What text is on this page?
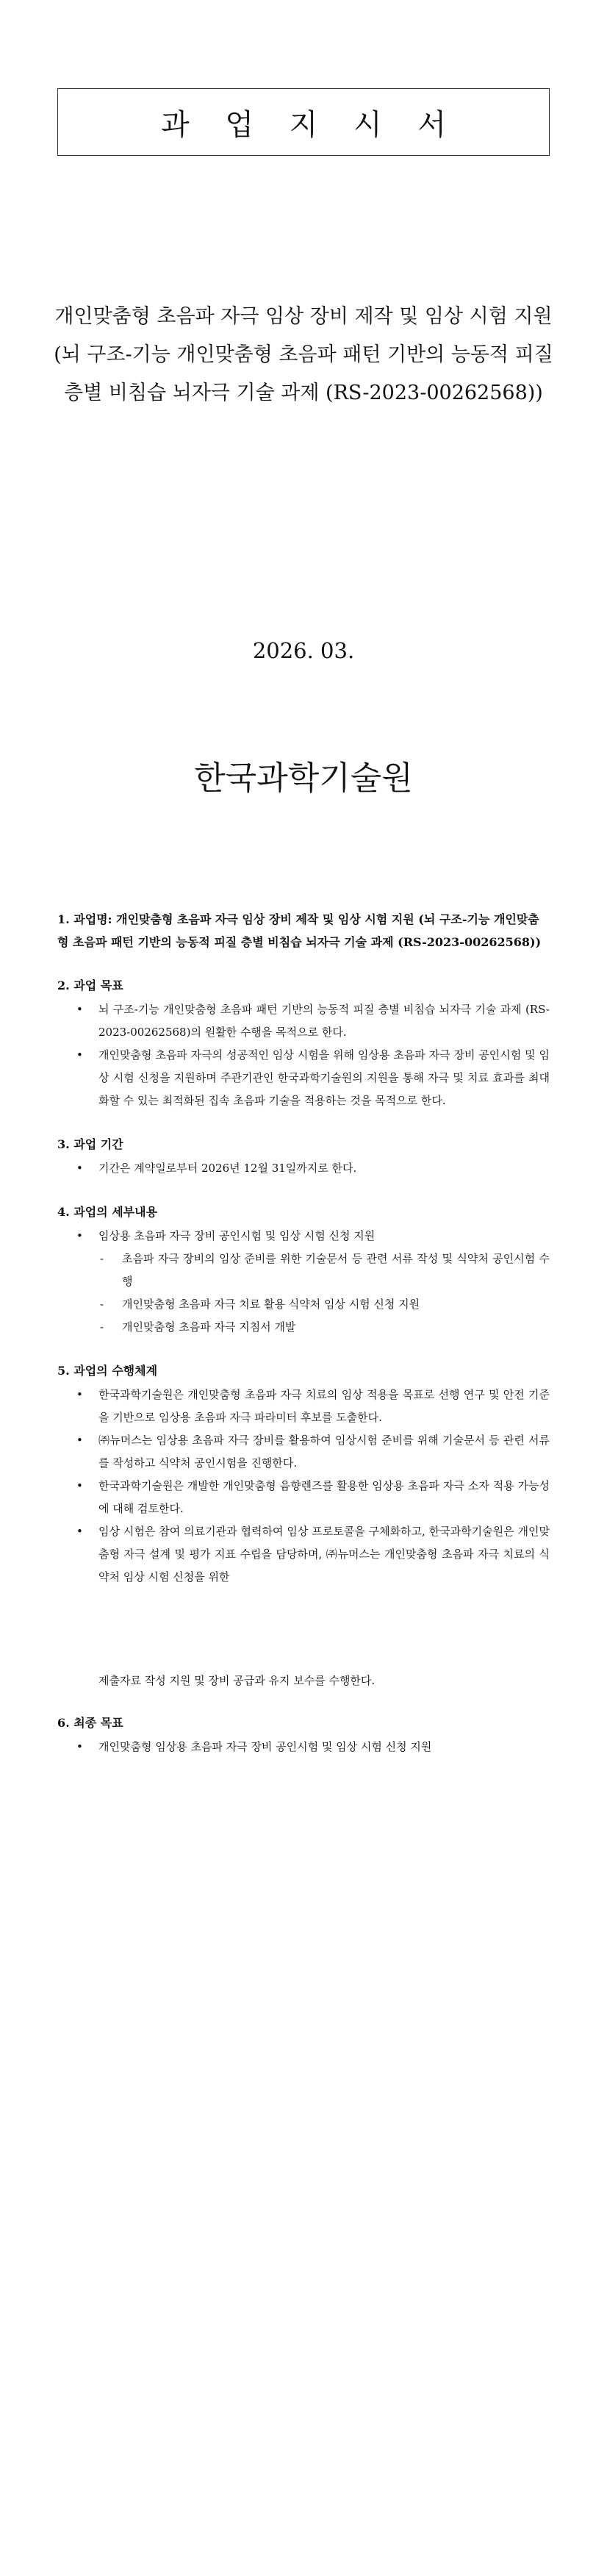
과 업 지 시 서

개인맞춤형 초음파 자극 임상 장비 제작 및 임상 시험 지원 (뇌 구조-기능 개인맞춤형 초음파 패턴 기반의 능동적 피질 층별 비침습 뇌자극 기술 과제 (RS-2023-00262568))

2026. 03.
한국과학기술원

1. 과업명: 개인맞춤형 초음파 자극 임상 장비 제작 및 임상 시험 지원 (뇌 구조-기능 개인맞춤형 초음파 패턴 기반의 능동적 피질 층별 비침습 뇌자극 기술 과제 (RS-2023-00262568))

2. 과업 목표

• 뇌 구조-기능 개인맞춤형 초음파 패턴 기반의 능동적 피질 층별 비침습 뇌자극 기술 과제 (RS-2023-00262568)의 원활한 수행을 목적으로 한다.
• 개인맞춤형 초음파 자극의 성공적인 임상 시험을 위해 임상용 초음파 자극 장비 공인시험 및 임상 시험 신청을 지원하며 주관기관인 한국과학기술원의 지원을 통해 자극 및 치료 효과를 최대화할 수 있는 최적화된 집속 초음파 기술을 적용하는 것을 목적으로 한다.

3. 과업 기간

• 기간은 계약일로부터 2026년 12월 31일까지로 한다.

4. 과업의 세부내용

• 임상용 초음파 자극 장비 공인시험 및 임상 시험 신청 지원
- 초음파 자극 장비의 임상 준비를 위한 기술문서 등 관련 서류 작성 및 식약처 공인시험 수행
- 개인맞춤형 초음파 자극 치료 활용 식약처 임상 시험 신청 지원
- 개인맞춤형 초음파 자극 지침서 개발

5. 과업의 수행체계

• 한국과학기술원은 개인맞춤형 초음파 자극 치료의 임상 적용을 목표로 선행 연구 및 안전 기준을 기반으로 임상용 초음파 자극 파라미터 후보를 도출한다.
• ㈜뉴머스는 임상용 초음파 자극 장비를 활용하여 임상시험 준비를 위해 기술문서 등 관련 서류를 작성하고 식약처 공인시험을 진행한다.
• 한국과학기술원은 개발한 개인맞춤형 음향렌즈를 활용한 임상용 초음파 자극 소자 적용 가능성에 대해 검토한다.
• 임상 시험은 참여 의료기관과 협력하여 임상 프로토콜을 구체화하고, 한국과학기술원은 개인맞춤형 자극 설계 및 평가 지표 수립을 담당하며, ㈜뉴머스는 개인맞춤형 초음파 자극 치료의 식약처 임상 시험 신청을 위한

제출자료 작성 지원 및 장비 공급과 유지 보수를 수행한다.

6. 최종 목표

• 개인맞춤형 임상용 초음파 자극 장비 공인시험 및 임상 시험 신청 지원
